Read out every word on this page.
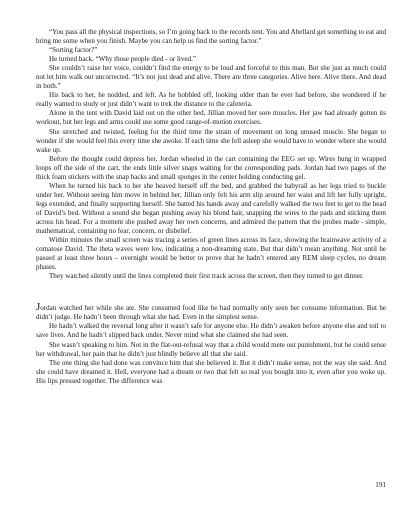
“You pass all the physical inspections, so I’m going back to the records tent. You and Abellard get something to eat and bring me some when you finish. Maybe you can help us find the sorting factor.”

“Sorting factor?”

He turned back. “Why those people died - or lived.”

She couldn’t raise her voice, couldn’t find the energy to be loud and forceful to this man. But she just as much could not let him walk out uncorrected. “It’s not just dead and alive. There are three categories. Alive here. Alive there. And dead in both.”

His back to her, he nodded, and left. As he hobbled off, looking older than he ever had before, she wondered if he really wanted to study or just didn’t want to trek the distance to the cafeteria.

Alone in the tent with David laid out on the other bed, Jillian moved her sore muscles. Her jaw had already gotten its workout, but her legs and arms could use some good range-of-motion exercises.

She stretched and twisted, feeling for the third time the strain of movement on long unused muscle. She began to wonder if she would feel this every time she awoke. If each time she fell asleep she would have to wonder where she would wake up.

Before the thought could depress her, Jordan wheeled in the cart containing the EEG set up. Wires hung in wrapped loops off the side of the cart, the ends little silver snaps waiting for the corresponding pads. Jordan had two pages of the thick foam stickers with the snap backs and small sponges in the center holding conducting gel.

When he turned his back to her she heaved herself off the bed, and grabbed the babyrail as her legs tried to buckle under her. Without seeing him move in behind her, Jillian only felt his arm slip around her waist and lift her fully upright, legs extended, and finally supporting herself. She batted his hands away and carefully walked the two feet to get to the head of David’s bed. Without a sound she began pushing away his blond hair, snapping the wires to the pads and sticking them across his head. For a moment she pushed away her own concerns, and admired the pattern that the probes made - simple, mathematical, containing no fear, concern, or disbelief.

Within minutes the small screen was tracing a series of green lines across its face, showing the brainwave activity of a comatose David. The theta waves were low, indicating a non-dreaming state. But that didn’t mean anything. Not until he passed at least three hours – overnight would be better to prove that he hadn’t entered any REM sleep cycles, no dream phases.

They watched silently until the lines completed their first track across the screen, then they turned to get dinner.

Jordan watched her while she ate. She consumed food like he had normally only seen her consume information. But he didn’t judge. He hadn’t been through what she had. Even in the simplest sense.

He hadn’t walked the reversal long after it wasn’t safe for anyone else. He didn’t awaken before anyone else and toil to save lives. And he hadn’t slipped back under. Never mind what she claimed she had seen.

She wasn’t speaking to him. Not in the flat-out-refusal way that a child would mete out punishment, but he could sense her withdrawal, her pain that he didn’t just blindly believe all that she said.

The one thing she had done was convince him that she believed it. But it didn’t make sense, not the way she said. And she could have dreamed it. Hell, everyone had a dream or two that felt so real you bought into it, even after you woke up. His lips pressed together. The difference was

191
